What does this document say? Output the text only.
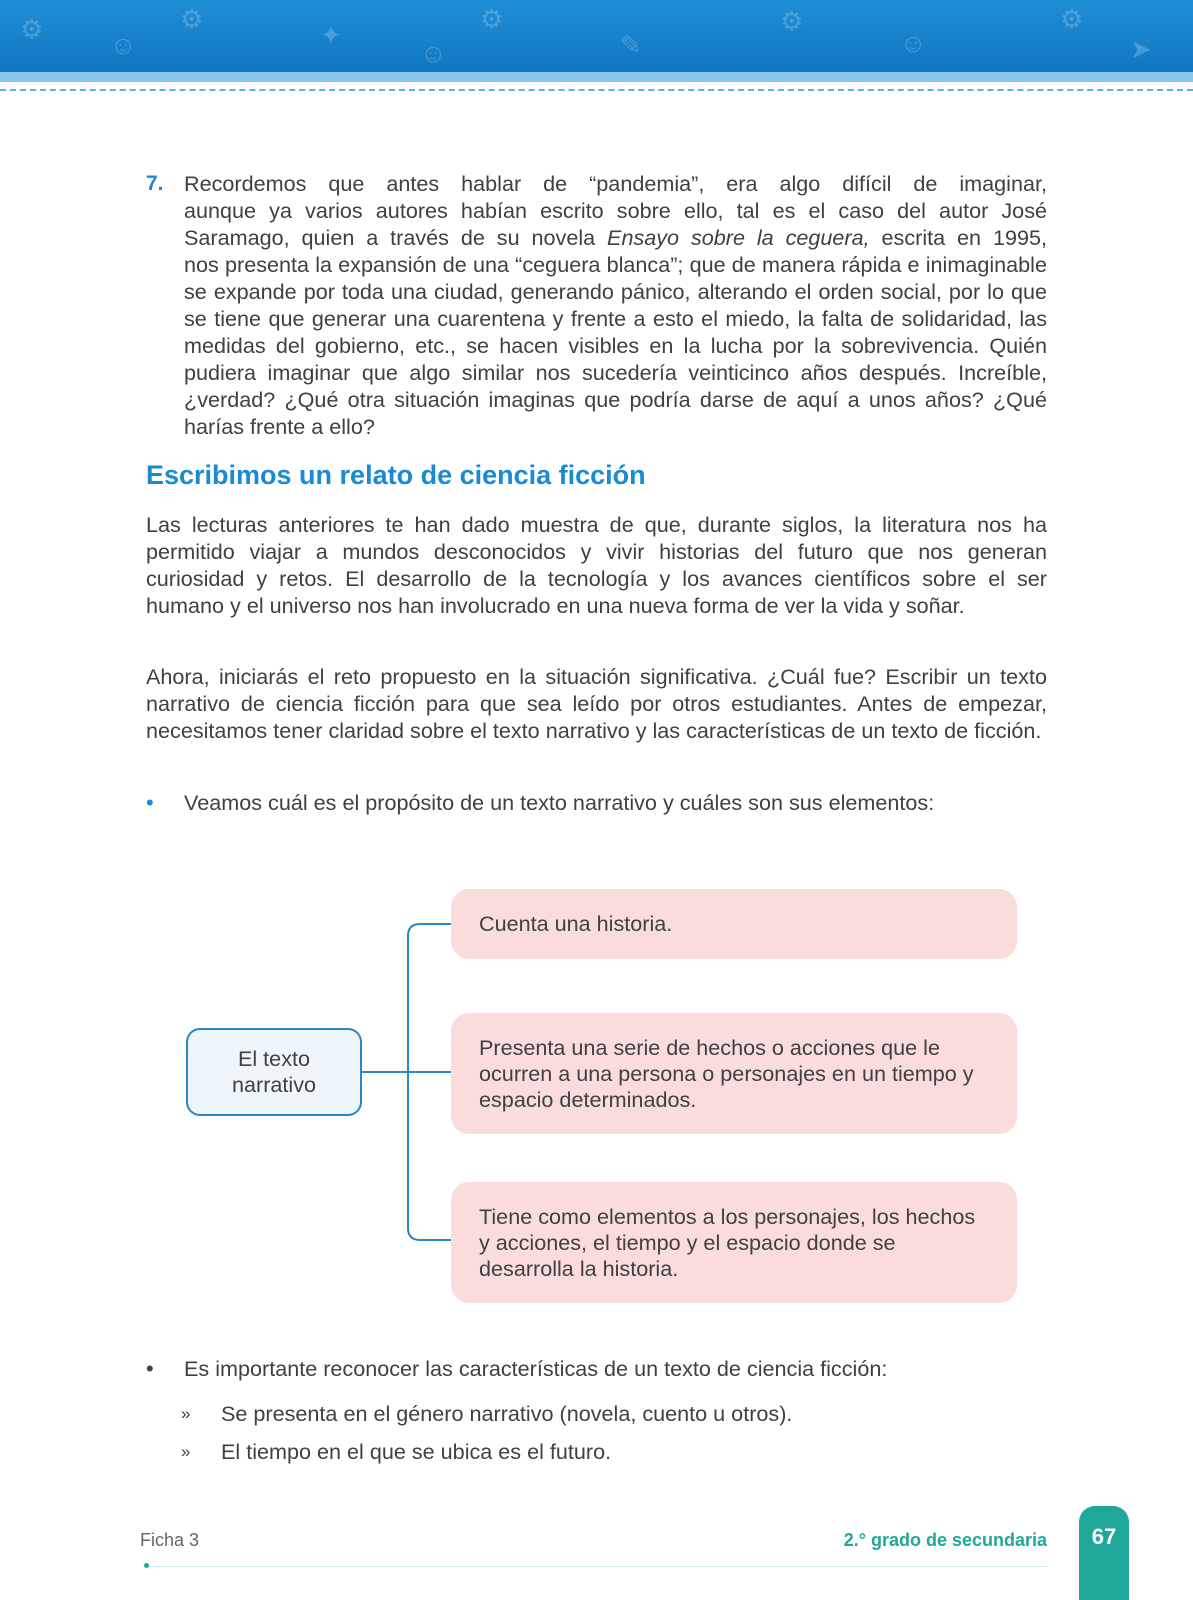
⚙
☺
⚙
✦
☺
⚙
✎
⚙
☺
⚙
➤
7. Recordemos que antes hablar de “pandemia”, era algo difícil de imaginar,
aunque ya varios autores habían escrito sobre ello, tal es el caso del autor José
Saramago, quien a través de su novela Ensayo sobre la ceguera, escrita en 1995,
nos presenta la expansión de una “ceguera blanca”; que de manera rápida e inimaginable se expande por toda una ciudad, generando pánico, alterando el orden social, por lo que se tiene que generar una cuarentena y frente a esto el miedo, la falta de solidaridad, las medidas del gobierno, etc., se hacen visibles en la lucha por la sobrevivencia. Quién pudiera imaginar que algo similar nos sucedería veinticinco años después. Increíble, ¿verdad? ¿Qué otra situación imaginas que podría darse de aquí a unos años? ¿Qué harías frente a ello?
Escribimos un relato de ciencia ficción
Las lecturas anteriores te han dado muestra de que, durante siglos, la literatura nos ha permitido viajar a mundos desconocidos y vivir historias del futuro que nos generan curiosidad y retos. El desarrollo de la tecnología y los avances científicos sobre el ser humano y el universo nos han involucrado en una nueva forma de ver la vida y soñar.
Ahora, iniciarás el reto propuesto en la situación significativa. ¿Cuál fue? Escribir un texto narrativo de ciencia ficción para que sea leído por otros estudiantes. Antes de empezar, necesitamos tener claridad sobre el texto narrativo y las características de un texto de ficción.
• Veamos cuál es el propósito de un texto narrativo y cuáles son sus elementos:
El texto narrativo
Cuenta una historia.
Presenta una serie de hechos o acciones que le ocurren a una persona o personajes en un tiempo y espacio determinados.
Tiene como elementos a los personajes, los hechos y acciones, el tiempo y el espacio donde se desarrolla la historia.
• Es importante reconocer las características de un texto de ciencia ficción:
» Se presenta en el género narrativo (novela, cuento u otros).
» El tiempo en el que se ubica es el futuro.
Ficha 3	2.° grado de secundaria	67
